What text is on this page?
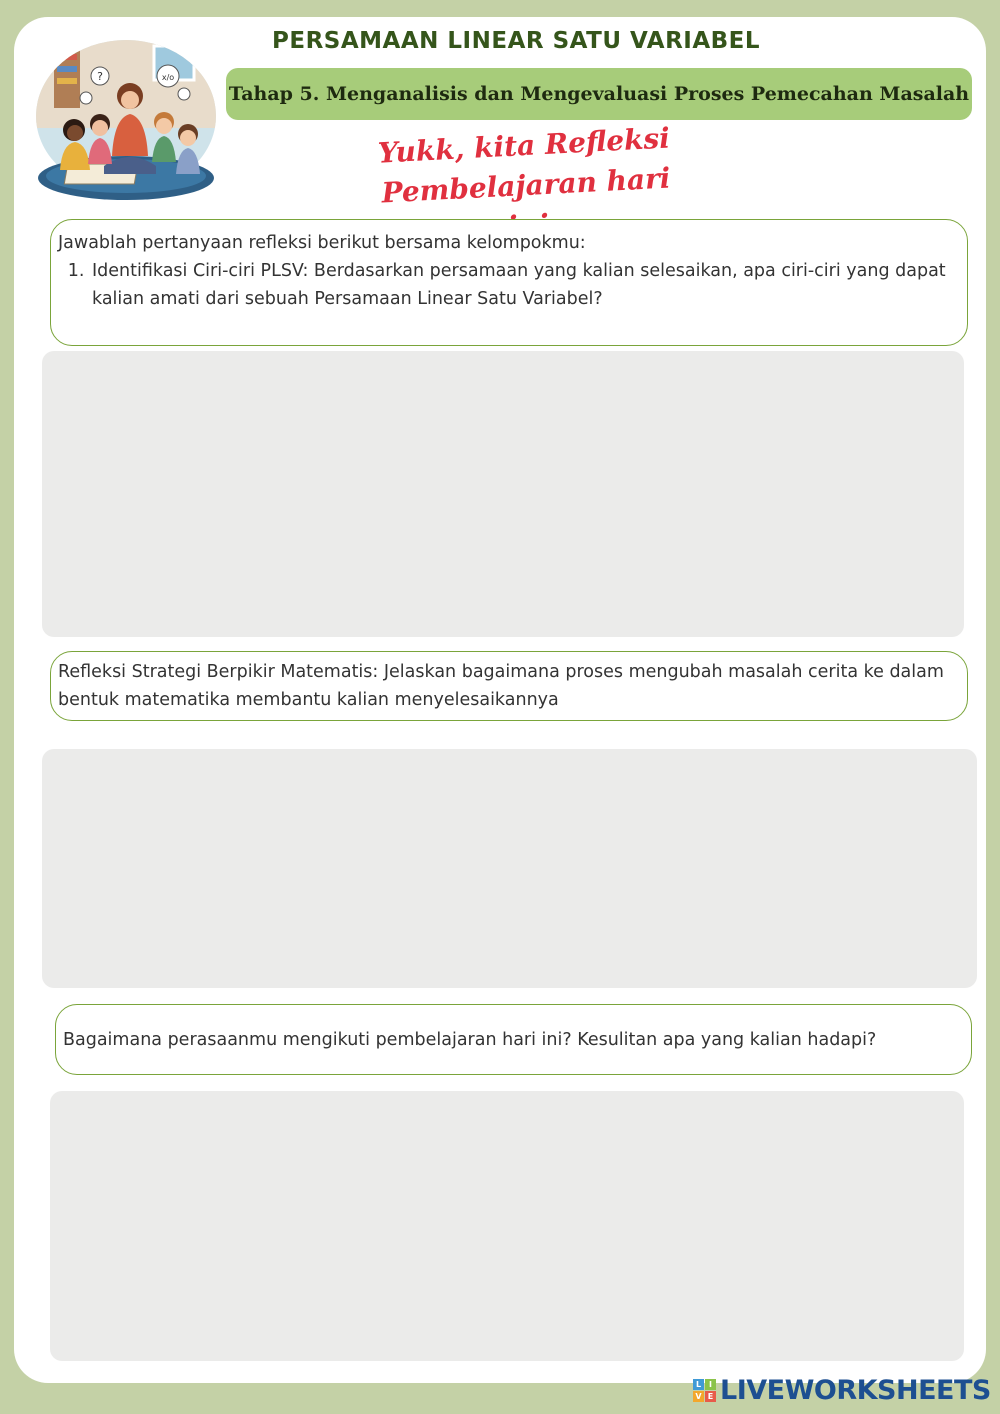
PERSAMAAN LINEAR SATU VARIABEL
Tahap 5. Menganalisis dan Mengevaluasi Proses Pemecahan Masalah
?	x/o
Yukk, kita Refleksi
Pembelajaran hari
Jawablah pertanyaan refleksi berikut bersama kelompokmu:
1. Identifikasi Ciri-ciri PLSV: Berdasarkan persamaan yang kalian selesaikan, apa ciri-ciri yang dapat kalian amati dari sebuah Persamaan Linear Satu Variabel?
Refleksi Strategi Berpikir Matematis: Jelaskan bagaimana proses mengubah masalah cerita ke dalam bentuk matematika membantu kalian menyelesaikannya
Bagaimana perasaanmu mengikuti pembelajaran hari ini? Kesulitan apa yang kalian hadapi?
L I
V E LIVEWORKSHEETS
